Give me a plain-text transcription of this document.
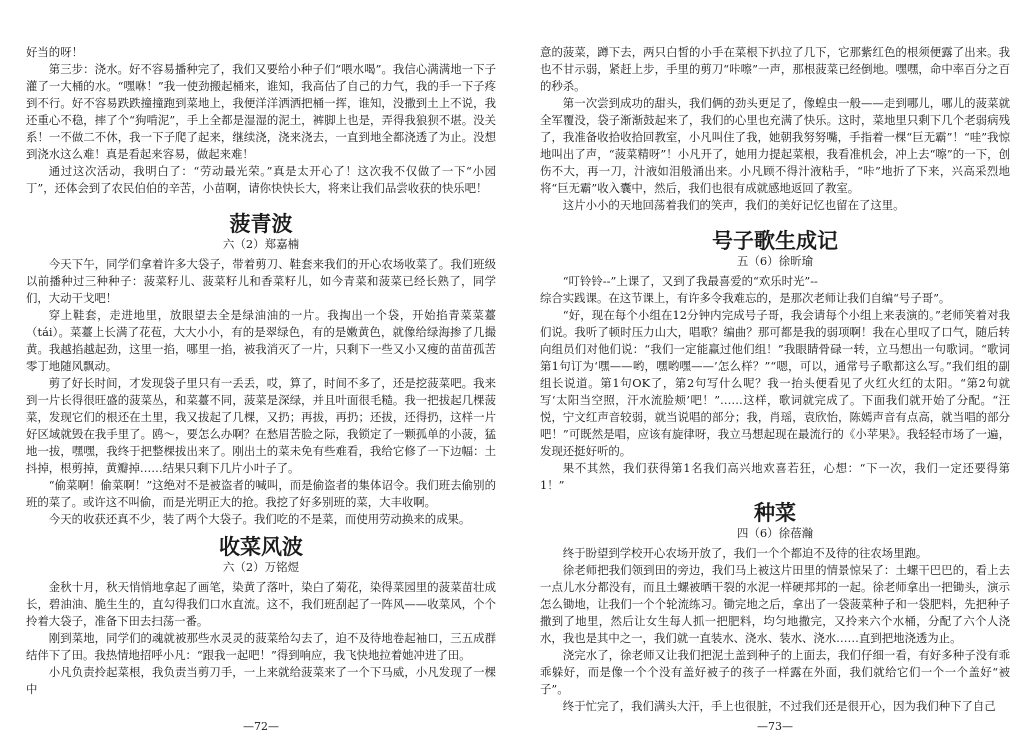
好当的呀！

第三步：浇水。好不容易播种完了，我们又要给小种子们“喂水喝”。我信心满满地一下子灌了一大桶的水。“嘿咻！”我一使劲搬起桶来，谁知，我高估了自己的力气，我的手一下子疼到不行。好不容易跌跌撞撞跑到菜地上，我便洋洋洒洒把桶一挥，谁知，没撒到土上不说，我还重心不稳，摔了个“狗啃泥”，手上全都是湿湿的泥土，裤脚上也是，弄得我狼狈不堪。没关系！一不做二不休，我一下子爬了起来，继续浇，浇来浇去，一直到地全都浇透了为止。没想到浇水这么难！真是看起来容易，做起来难！

通过这次活动，我明白了：“劳动最光荣。”真是太开心了！这次我不仅做了一下“小园丁”，还体会到了农民伯伯的辛苦，小苗啊，请你快快长大，将来让我们品尝收获的快乐吧！

菠青波

六（2）郑嘉楠

今天下午，同学们拿着许多大袋子，带着剪刀、鞋套来我们的开心农场收菜了。我们班级以前播种过三种种子：菠菜籽儿、菠菜籽儿和香菜籽儿，如今青菜和菠菜已经长熟了，同学们，大动干戈吧！

穿上鞋套，走进地里，放眼望去全是绿油油的一片。我掏出一个袋，开始掐青菜菜薹（tái）。菜薹上长满了花苞，大大小小，有的是翠绿色，有的是嫩黄色，就像给绿海掺了几撮黄。我越掐越起劲，这里一掐，哪里一掐，被我消灭了一片，只剩下一些又小又瘦的苗苗孤苦零丁地随风飘动。

剪了好长时间，才发现袋子里只有一丢丢，哎，算了，时间不多了，还是挖菠菜吧。我来到一片长得很旺盛的菠菜丛，和菜薹不同，菠菜是深绿，并且叶面很毛糙。我一把拔起几棵菠菜，发现它们的根还在土里，我又拔起了几棵，又扔；再拔，再扔；还拔，还得扔，这样一片好区域就毁在我手里了。鸥～，要怎么办啊？在愁眉苦脸之际，我锁定了一颗孤单的小菠，猛地一拔，嘿嘿，我终于把整棵拔出来了。刚出土的菜未免有些难看，我给它修了一下边幅：土抖掉，根剪掉，黄瓣掉……结果只剩下几片小叶子了。

“偷菜啊！偷菜啊！”这绝对不是被盗者的喊叫，而是偷盗者的集体诏令。我们班去偷别的班的菜了。或许这不叫偷，而是光明正大的抢。我挖了好多别班的菜，大丰收啊。

今天的收获还真不少，装了两个大袋子。我们吃的不是菜，而使用劳动换来的成果。

收菜风波

六（2）万铭煜

金秋十月，秋天悄悄地拿起了画笔，染黄了落叶，染白了菊花，染得菜园里的菠菜苗壮成长，碧油油、脆生生的，直勾得我们口水直流。这不，我们班刮起了一阵风——收菜风，个个拎着大袋子，准备下田去扫荡一番。

刚到菜地，同学们的魂就被那些水灵灵的菠菜给勾去了，迫不及待地卷起袖口，三五成群结伴下了田。我热情地招呼小凡：“跟我一起吧！”得到响应，我飞快地拉着她冲进了田。

小凡负责拎起菜根，我负责当剪刀手，一上来就给菠菜来了一个下马威，小凡发现了一棵中

—72—

意的菠菜，蹲下去，两只白皙的小手在菜根下扒拉了几下，它那紫红色的根须便露了出来。我也不甘示弱，紧赶上步，手里的剪刀“咔嚓”一声，那根菠菜已经倒地。嘿嘿，命中率百分之百的秒杀。

第一次尝到成功的甜头，我们俩的劲头更足了，像蝗虫一般——走到哪儿，哪儿的菠菜就全军覆没，袋子渐渐鼓起来了，我们的心里也充满了快乐。这时，菜地里只剩下几个老弱病残了，我准备收拾收拾回教室，小凡叫住了我，她朝我努努嘴，手指着一棵“巨无霸”！“哇”我惊地叫出了声，“菠菜精呀”！小凡开了，她用力提起菜根，我看准机会，冲上去“嚓”的一下，创伤不大，再一刀，汁液如泪般涌出来。小凡顾不得汁液粘手，“咔”地折了下来，兴高采烈地将“巨无霸”收入囊中，然后，我们也很有成就感地返回了教室。

这片小小的天地回荡着我们的笑声，我们的美好记忆也留在了这里。

号子歌生成记

五（6）徐昕瑜

“叮铃铃--”上课了，又到了我最喜爱的“欢乐时光”--

综合实践课。在这节课上，有许多令我难忘的，是那次老师让我们自编“号子哥”。

“好，现在每个小组在12分钟内完成号子哥，我会请每个小组上来表演的。”老师笑着对我们说。我听了顿时压力山大，唱歌？编曲？那可都是我的弱项啊！我在心里叹了口气，随后转向组员们对他们说：“我们一定能赢过他们组！”我眼睛骨碌一转，立马想出一句歌词。“歌词第1句订为‘嘿——哟，嘿哟嘿——’怎么样？”“嗯，可以，通常号子歌都这么写。”我们组的副组长说道。第1句OK了，第2句写什么呢？我一抬头便看见了火红火红的太阳。“第2句就写‘太阳当空照，汗水流脸颊’吧！”……这样，歌词就完成了。下面我们就开始了分配。“汪悦，宁文红声音较弱，就当说唱的部分；我，肖瑶，袁欣怡，陈嫣声音有点高，就当唱的部分吧！”可既然是唱，应该有旋律呀，我立马想起现在最流行的《小苹果》。我轻轻市场了一遍，发现还挺好听的。

果不其然，我们获得第1名我们高兴地欢喜若狂，心想：“下一次，我们一定还要得第1！”

种菜

四（6）徐蓓瀚

终于盼望到学校开心农场开放了，我们一个个都迫不及待的往农场里跑。

徐老师把我们领到田的旁边，我们马上被这片田里的情景惊呆了：土螺干巴巴的，看上去一点儿水分都没有，而且土螺被晒干裂的水泥一样硬邦邦的一起。徐老师拿出一把锄头，演示怎么锄地，让我们一个个轮流练习。锄完地之后，拿出了一袋菠菜种子和一袋肥料，先把种子撒到了地里，然后让女生每人抓一把肥料，均匀地撒完，又拎来六个水桶，分配了六个人浇水，我也是其中之一，我们就一直装水、浇水、装水、浇水……直到把地浇透为止。

浇完水了，徐老师又让我们把泥土盖到种子的上面去，我们仔细一看，有好多种子没有乖乖躲好，而是像一个个没有盖好被子的孩子一样露在外面，我们就给它们一个一个盖好“被子”。

终于忙完了，我们满头大汗，手上也很脏，不过我们还是很开心，因为我们种下了自己

—73—
